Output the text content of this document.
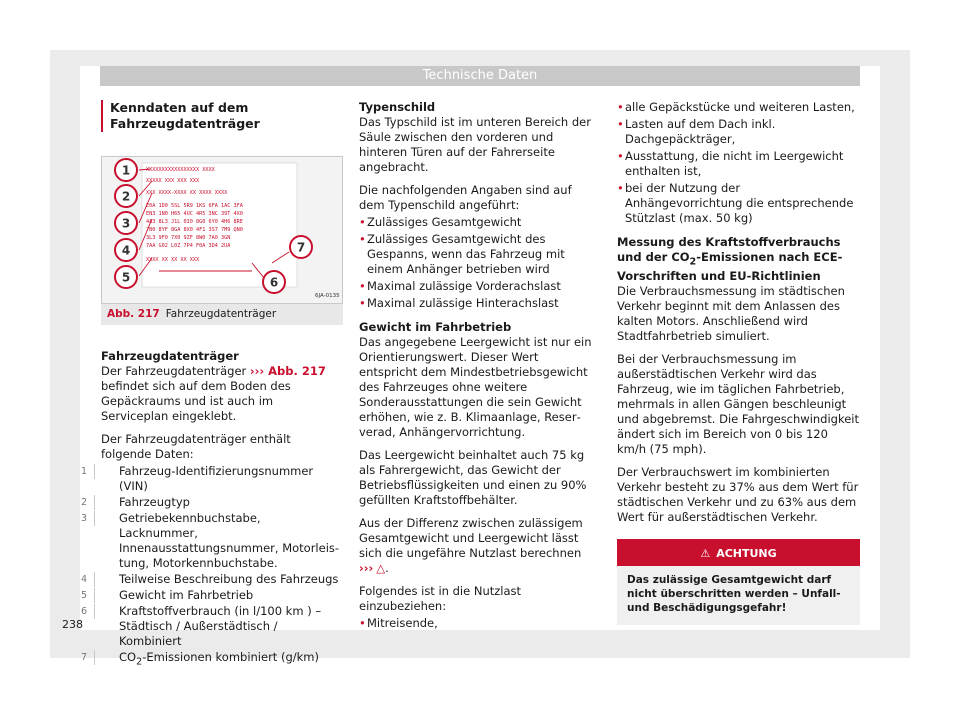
Technische Daten
Kenndaten auf dem Fahrzeugdatenträger
XXXXXXXXXXXXXXXXX XXXX
XXXXX XXX XXX XXX
XXX XXXX-XXXX XX XXXX XXXX
E0A 1D0 5SL 5R9 1KS 6FA 1AC 3FA
EN3 1N0 H65 4UC 4R5 3NC 39T 4X0
4A3 8L3 J1L 0I0 8G0 6Y0 4H6 8RE
7B0 8YF 8GA 8X0 4F1 3S7 7M9 QN0
3L3 9F0 7X0 9ZF 8W0 7A0 3GN
7AA G02 L0Z 7P4 F0A 3D4 2UA
XXXX XX XX XX XXX
1
2
3
4
5	6
7
6JA-0135
Abb. 217 Fahrzeugdatenträger
Fahrzeugdatenträger

Der Fahrzeugdatenträger ››› Abb. 217 befindet sich auf dem Boden des Gepäckraums und ist auch im Serviceplan eingeklebt.

Der Fahrzeugdatenträger enthält folgende Daten:

1	Fahrzeug-Identifizierungsnummer (VIN)
2	Fahrzeugtyp
3	Getriebekennbuchstabe, Lacknummer, Innenausstattungsnummer, Motorleistung, Motorkennbuchstabe.
4	Teilweise Beschreibung des Fahrzeugs
5	Gewicht im Fahrbetrieb
6	Kraftstoffverbrauch (in l/100 km ) – Städtisch / Außerstädtisch / Kombiniert
7	$CO_2$-Emissionen kombiniert (g/km)
Typenschild

Das Typschild ist im unteren Bereich der Säule zwischen den vorderen und hinteren Türen auf der Fahrerseite angebracht.

Die nachfolgenden Angaben sind auf dem Typenschild angeführt:

• Zulässiges Gesamtgewicht
• Zulässiges Gesamtgewicht des Gespanns, wenn das Fahrzeug mit einem Anhänger betrieben wird
• Maximal zulässige Vorderachslast
• Maximal zulässige Hinterachslast
Gewicht im Fahrbetrieb

Das angegebene Leergewicht ist nur ein Orientierungswert. Dieser Wert entspricht dem Mindestbetriebsgewicht des Fahrzeuges ohne weitere Sonderausstattungen die sein Gewicht erhöhen, wie z. B. Klimaanlage, Reserverad, Anhängervorrichtung.

Das Leergewicht beinhaltet auch 75 kg als Fahrergewicht, das Gewicht der Betriebsflüssigkeiten und einen zu 90% gefüllten Kraftstoffbehälter.

Aus der Differenz zwischen zulässigem Gesamtgewicht und Leergewicht lässt sich die ungefähre Nutzlast berechnen ››› △.

Folgendes ist in die Nutzlast einzubeziehen:

• Mitreisende,
• alle Gepäckstücke und weiteren Lasten,
• Lasten auf dem Dach inkl. Dachgepäckträger,
• Ausstattung, die nicht im Leergewicht enthalten ist,
• bei der Nutzung der Anhängevorrichtung die entsprechende Stützlast (max. 50 kg)
Messung des Kraftstoffverbrauchs und der $CO_2$-Emissionen nach ECE-Vorschriften und EU-Richtlinien

Die Verbrauchsmessung im städtischen Verkehr beginnt mit dem Anlassen des kalten Motors. Anschließend wird Stadtfahrbetrieb simuliert.

Bei der Verbrauchsmessung im außerstädtischen Verkehr wird das Fahrzeug, wie im täglichen Fahrbetrieb, mehrmals in allen Gängen beschleunigt und abgebremst. Die Fahrgeschwindigkeit ändert sich im Bereich von 0 bis 120 km/h (75 mph).

Der Verbrauchswert im kombinierten Verkehr besteht zu 37% aus dem Wert für städtischen Verkehr und zu 63% aus dem Wert für außerstädtischen Verkehr.

⚠ ACHTUNG
Das zulässige Gesamtgewicht darf nicht überschritten werden – Unfall- und Beschädigungsgefahr!
238
